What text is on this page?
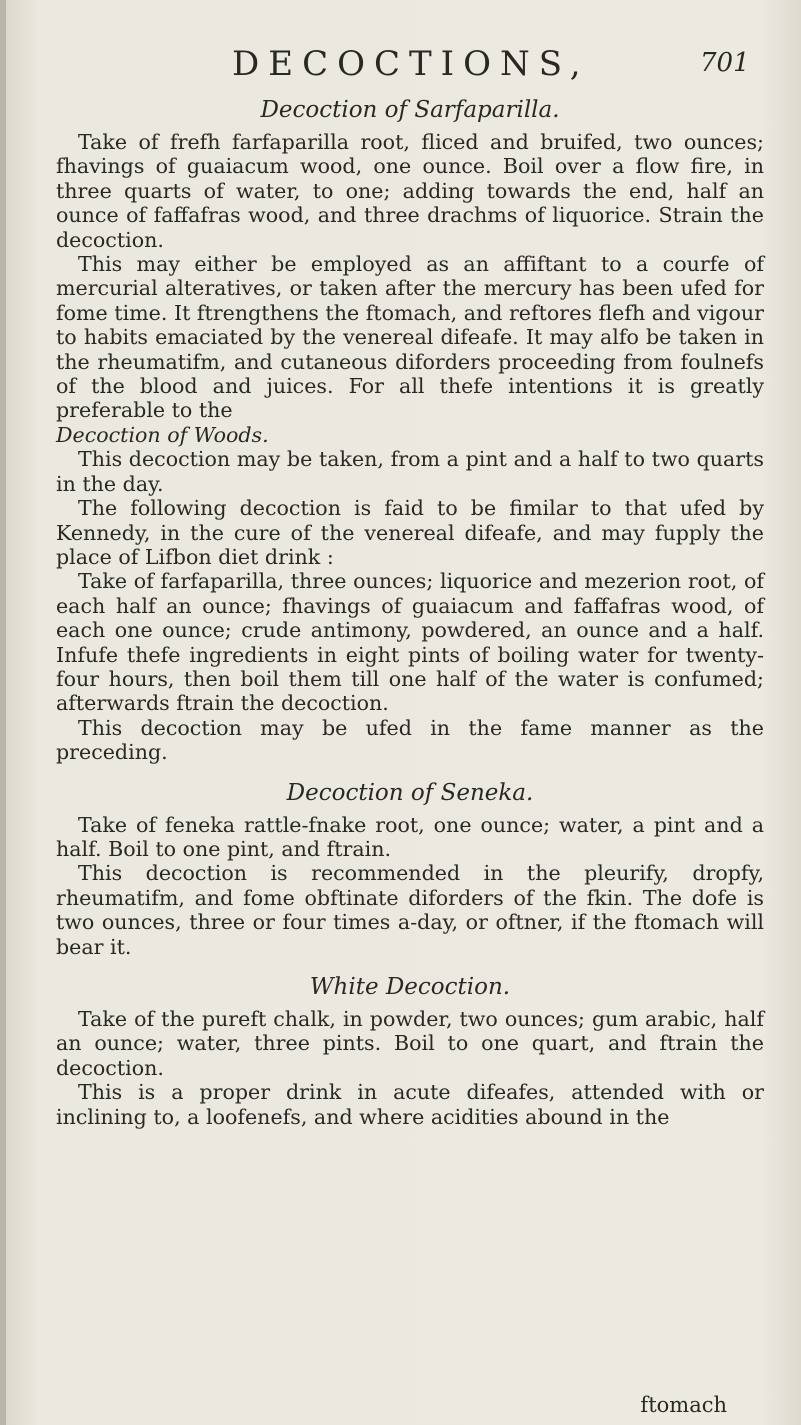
DECOCTIONS,	701
Decoction of Sarfaparilla.

Take of frefh farfaparilla root, fliced and bruifed, two ounces; fhavings of guaiacum wood, one ounce. Boil over a flow fire, in three quarts of water, to one; adding towards the end, half an ounce of faffafras wood, and three drachms of liquorice. Strain the decoction.

This may either be employed as an affiftant to a courfe of mercurial alteratives, or taken after the mercury has been ufed for fome time. It ftrengthens the ftomach, and reftores flefh and vigour to habits emaciated by the venereal difeafe. It may alfo be taken in the rheumatifm, and cutaneous diforders proceeding from foulnefs of the blood and juices. For all thefe intentions it is greatly preferable to the

Decoction of Woods.

This decoction may be taken, from a pint and a half to two quarts in the day.

The following decoction is faid to be fimilar to that ufed by Kennedy, in the cure of the venereal difeafe, and may fupply the place of Lifbon diet drink :

Take of farfaparilla, three ounces; liquorice and mezerion root, of each half an ounce; fhavings of guaiacum and faffafras wood, of each one ounce; crude antimony, powdered, an ounce and a half. Infufe thefe ingredients in eight pints of boiling water for twenty-four hours, then boil them till one half of the water is confumed; afterwards ftrain the decoction.

This decoction may be ufed in the fame manner as the preceding.

Decoction of Seneka.

Take of feneka rattle-fnake root, one ounce; water, a pint and a half. Boil to one pint, and ftrain.

This decoction is recommended in the pleurify, dropfy, rheumatifm, and fome obftinate diforders of the fkin. The dofe is two ounces, three or four times a-day, or oftner, if the ftomach will bear it.

White Decoction.

Take of the pureft chalk, in powder, two ounces; gum arabic, half an ounce; water, three pints. Boil to one quart, and ftrain the decoction.

This is a proper drink in acute difeafes, attended with or inclining to, a loofenefs, and where acidities abound in the

ftomach
